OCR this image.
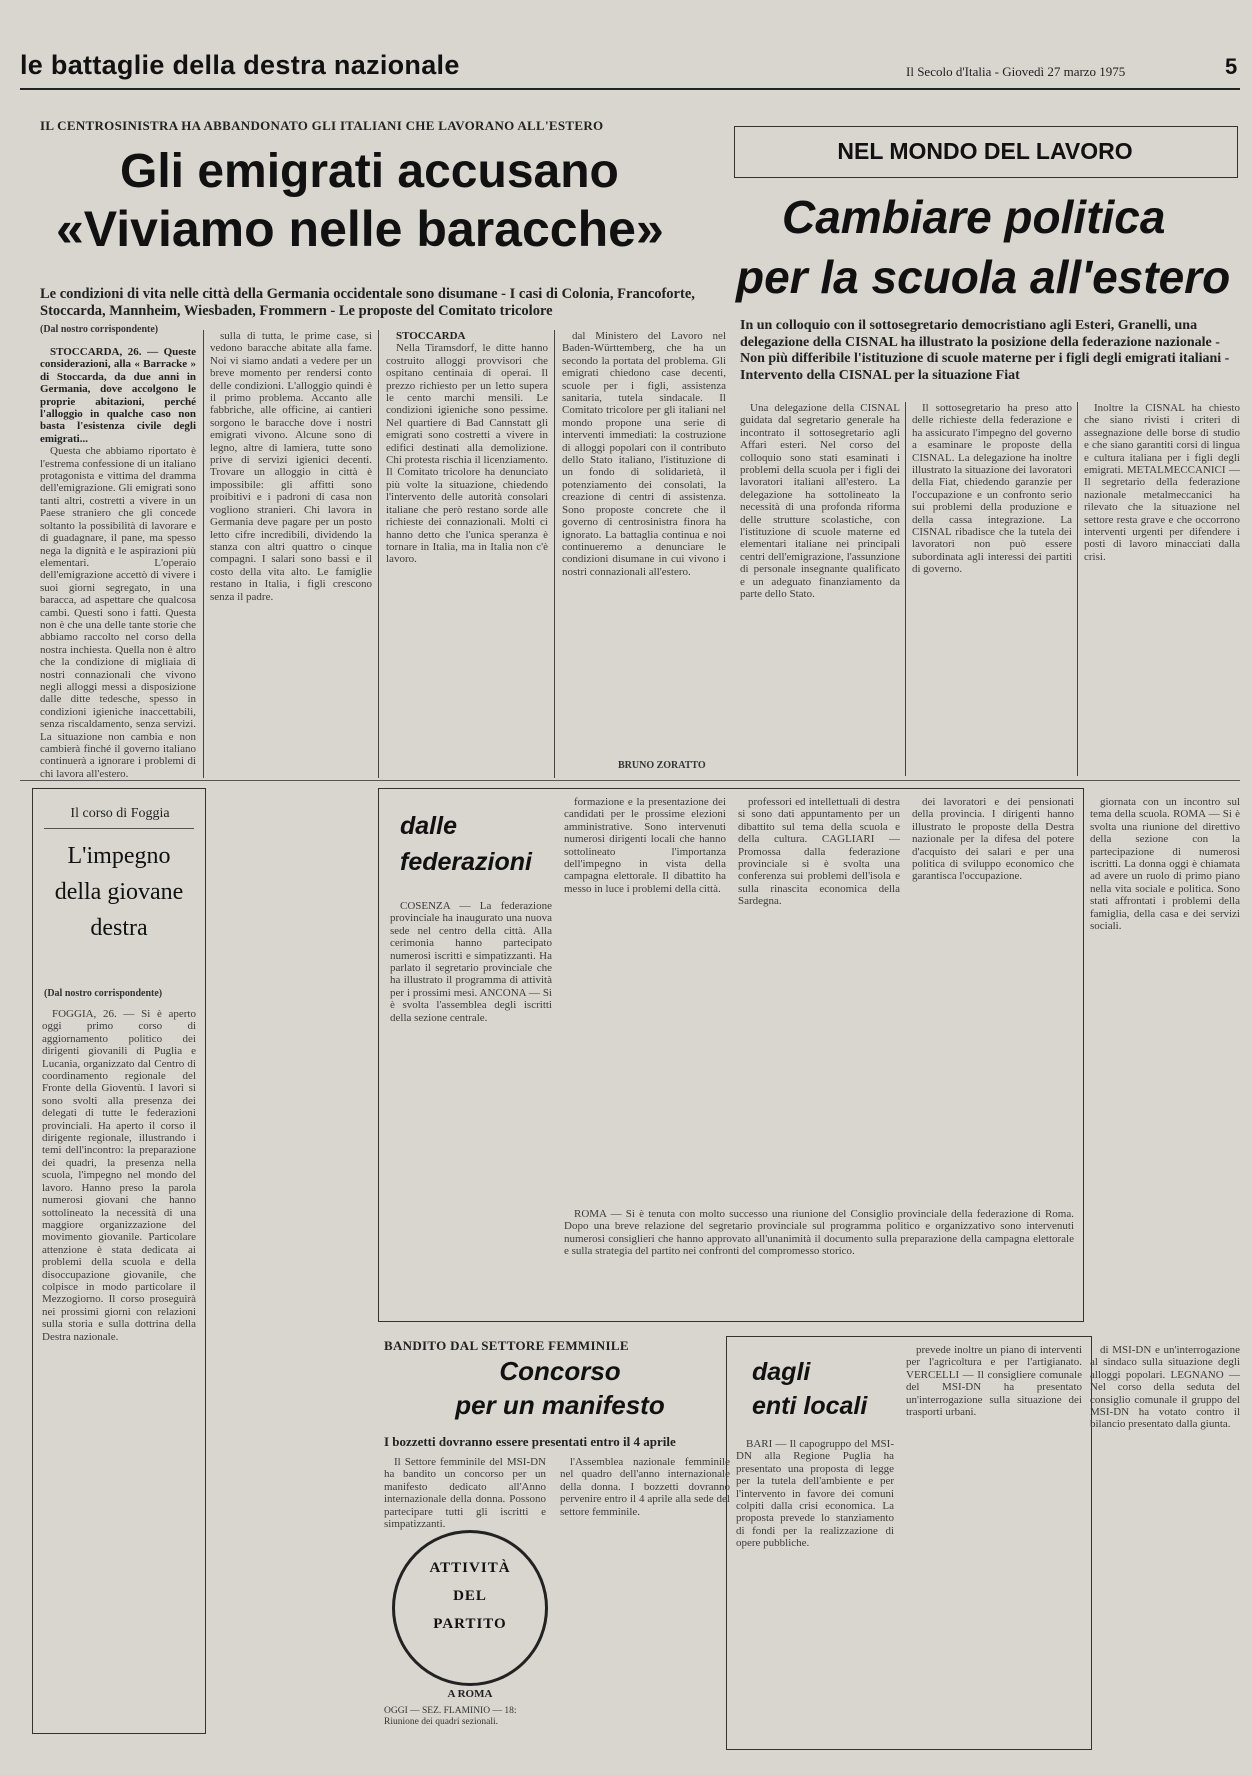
le battaglie della destra nazionale	Il Secolo d'Italia - Giovedì 27 marzo 1975	5
IL CENTROSINISTRA HA ABBANDONATO GLI ITALIANI CHE LAVORANO ALL'ESTERO
Gli emigrati accusano
«Viviamo nelle baracche»
Le condizioni di vita nelle città della Germania occidentale sono disumane - I casi di Colonia, Francoforte, Stoccarda, Mannheim, Wiesbaden, Frommern - Le proposte del Comitato tricolore
(Dal nostro corrispondente)

STOCCARDA, 26. — Queste considerazioni, alla « Barracke » di Stoccarda, da due anni in Germania, dove accolgono le proprie abitazioni, perché l'alloggio in qualche caso non basta l'esistenza civile degli emigrati...

Questa che abbiamo riportato è l'estrema confessione di un italiano protagonista e vittima del dramma dell'emigrazione. Gli emigrati sono tanti altri, costretti a vivere in un Paese straniero che gli concede soltanto la possibilità di lavorare e di guadagnare, il pane, ma spesso nega la dignità e le aspirazioni più elementari. L'operaio dell'emigrazione accettò di vivere i suoi giorni segregato, in una baracca, ad aspettare che qualcosa cambi. Questi sono i fatti. Questa non è che una delle tante storie che abbiamo raccolto nel corso della nostra inchiesta. Quella non è altro che la condizione di migliaia di nostri connazionali che vivono negli alloggi messi a disposizione dalle ditte tedesche, spesso in condizioni igieniche inaccettabili, senza riscaldamento, senza servizi. La situazione non cambia e non cambierà finché il governo italiano continuerà a ignorare i problemi di chi lavora all'estero.

sulla di tutta, le prime case, si vedono baracche abitate alla fame. Noi vi siamo andati a vedere per un breve momento per rendersi conto delle condizioni. L'alloggio quindi è il primo problema. Accanto alle fabbriche, alle officine, ai cantieri sorgono le baracche dove i nostri emigrati vivono. Alcune sono di legno, altre di lamiera, tutte sono prive di servizi igienici decenti. Trovare un alloggio in città è impossibile: gli affitti sono proibitivi e i padroni di casa non vogliono stranieri. Chi lavora in Germania deve pagare per un posto letto cifre incredibili, dividendo la stanza con altri quattro o cinque compagni. I salari sono bassi e il costo della vita alto. Le famiglie restano in Italia, i figli crescono senza il padre.

STOCCARDA

Nella Tiramsdorf, le ditte hanno costruito alloggi provvisori che ospitano centinaia di operai. Il prezzo richiesto per un letto supera le cento marchi mensili. Le condizioni igieniche sono pessime. Nel quartiere di Bad Cannstatt gli emigrati sono costretti a vivere in edifici destinati alla demolizione. Chi protesta rischia il licenziamento. Il Comitato tricolore ha denunciato più volte la situazione, chiedendo l'intervento delle autorità consolari italiane che però restano sorde alle richieste dei connazionali. Molti ci hanno detto che l'unica speranza è tornare in Italia, ma in Italia non c'è lavoro.

dal Ministero del Lavoro nel Baden-Württemberg, che ha un secondo la portata del problema. Gli emigrati chiedono case decenti, scuole per i figli, assistenza sanitaria, tutela sindacale. Il Comitato tricolore per gli italiani nel mondo propone una serie di interventi immediati: la costruzione di alloggi popolari con il contributo dello Stato italiano, l'istituzione di un fondo di solidarietà, il potenziamento dei consolati, la creazione di centri di assistenza. Sono proposte concrete che il governo di centrosinistra finora ha ignorato. La battaglia continua e noi continueremo a denunciare le condizioni disumane in cui vivono i nostri connazionali all'estero.

BRUNO ZORATTO
NEL MONDO DEL LAVORO
Cambiare politica
per la scuola all'estero
In un colloquio con il sottosegretario democristiano agli Esteri, Granelli, una delegazione della CISNAL ha illustrato la posizione della federazione nazionale - Non più differibile l'istituzione di scuole materne per i figli degli emigrati italiani - Intervento della CISNAL per la situazione Fiat

Una delegazione della CISNAL guidata dal segretario generale ha incontrato il sottosegretario agli Affari esteri. Nel corso del colloquio sono stati esaminati i problemi della scuola per i figli dei lavoratori italiani all'estero. La delegazione ha sottolineato la necessità di una profonda riforma delle strutture scolastiche, con l'istituzione di scuole materne ed elementari italiane nei principali centri dell'emigrazione, l'assunzione di personale insegnante qualificato e un adeguato finanziamento da parte dello Stato.

Il sottosegretario ha preso atto delle richieste della federazione e ha assicurato l'impegno del governo a esaminare le proposte della CISNAL. La delegazione ha inoltre illustrato la situazione dei lavoratori della Fiat, chiedendo garanzie per l'occupazione e un confronto serio sui problemi della produzione e della cassa integrazione. La CISNAL ribadisce che la tutela dei lavoratori non può essere subordinata agli interessi dei partiti di governo.

Inoltre la CISNAL ha chiesto che siano rivisti i criteri di assegnazione delle borse di studio e che siano garantiti corsi di lingua e cultura italiana per i figli degli emigrati. METALMECCANICI — Il segretario della federazione nazionale metalmeccanici ha rilevato che la situazione nel settore resta grave e che occorrono interventi urgenti per difendere i posti di lavoro minacciati dalla crisi.

Il corso di Foggia
L'impegno della giovane destra
(Dal nostro corrispondente)

FOGGIA, 26. — Si è aperto oggi primo corso di aggiornamento politico dei dirigenti giovanili di Puglia e Lucania, organizzato dal Centro di coordinamento regionale del Fronte della Gioventù. I lavori si sono svolti alla presenza dei delegati di tutte le federazioni provinciali. Ha aperto il corso il dirigente regionale, illustrando i temi dell'incontro: la preparazione dei quadri, la presenza nella scuola, l'impegno nel mondo del lavoro. Hanno preso la parola numerosi giovani che hanno sottolineato la necessità di una maggiore organizzazione del movimento giovanile. Particolare attenzione è stata dedicata ai problemi della scuola e della disoccupazione giovanile, che colpisce in modo particolare il Mezzogiorno. Il corso proseguirà nei prossimi giorni con relazioni sulla storia e sulla dottrina della Destra nazionale.

dalle
federazioni

COSENZA — La federazione provinciale ha inaugurato una nuova sede nel centro della città. Alla cerimonia hanno partecipato numerosi iscritti e simpatizzanti. Ha parlato il segretario provinciale che ha illustrato il programma di attività per i prossimi mesi. ANCONA — Si è svolta l'assemblea degli iscritti della sezione centrale.

formazione e la presentazione dei candidati per le prossime elezioni amministrative. Sono intervenuti numerosi dirigenti locali che hanno sottolineato l'importanza dell'impegno in vista della campagna elettorale. Il dibattito ha messo in luce i problemi della città.

professori ed intellettuali di destra si sono dati appuntamento per un dibattito sul tema della scuola e della cultura. CAGLIARI — Promossa dalla federazione provinciale si è svolta una conferenza sui problemi dell'isola e sulla rinascita economica della Sardegna.

dei lavoratori e dei pensionati della provincia. I dirigenti hanno illustrato le proposte della Destra nazionale per la difesa del potere d'acquisto dei salari e per una politica di sviluppo economico che garantisca l'occupazione.

ROMA — Si è tenuta con molto successo una riunione del Consiglio provinciale della federazione di Roma. Dopo una breve relazione del segretario provinciale sul programma politico e organizzativo sono intervenuti numerosi consiglieri che hanno approvato all'unanimità il documento sulla preparazione della campagna elettorale e sulla strategia del partito nei confronti del compromesso storico.

giornata con un incontro sul tema della scuola. ROMA — Si è svolta una riunione del direttivo della sezione con la partecipazione di numerosi iscritti. La donna oggi è chiamata ad avere un ruolo di primo piano nella vita sociale e politica. Sono stati affrontati i problemi della famiglia, della casa e dei servizi sociali.

BANDITO DAL SETTORE FEMMINILE
Concorso
per un manifesto
I bozzetti dovranno essere presentati entro il 4 aprile

Il Settore femminile del MSI-DN ha bandito un concorso per un manifesto dedicato all'Anno internazionale della donna. Possono partecipare tutti gli iscritti e simpatizzanti.

l'Assemblea nazionale femminile nel quadro dell'anno internazionale della donna. I bozzetti dovranno pervenire entro il 4 aprile alla sede del settore femminile.

ATTIVITÀ
DEL
PARTITO
A ROMA
OGGI — SEZ. FLAMINIO — 18: Riunione dei quadri sezionali.
dagli
enti locali

BARI — Il capogruppo del MSI-DN alla Regione Puglia ha presentato una proposta di legge per la tutela dell'ambiente e per l'intervento in favore dei comuni colpiti dalla crisi economica. La proposta prevede lo stanziamento di fondi per la realizzazione di opere pubbliche.

prevede inoltre un piano di interventi per l'agricoltura e per l'artigianato. VERCELLI — Il consigliere comunale del MSI-DN ha presentato un'interrogazione sulla situazione dei trasporti urbani.

di MSI-DN e un'interrogazione al sindaco sulla situazione degli alloggi popolari. LEGNANO — Nel corso della seduta del consiglio comunale il gruppo del MSI-DN ha votato contro il bilancio presentato dalla giunta.
